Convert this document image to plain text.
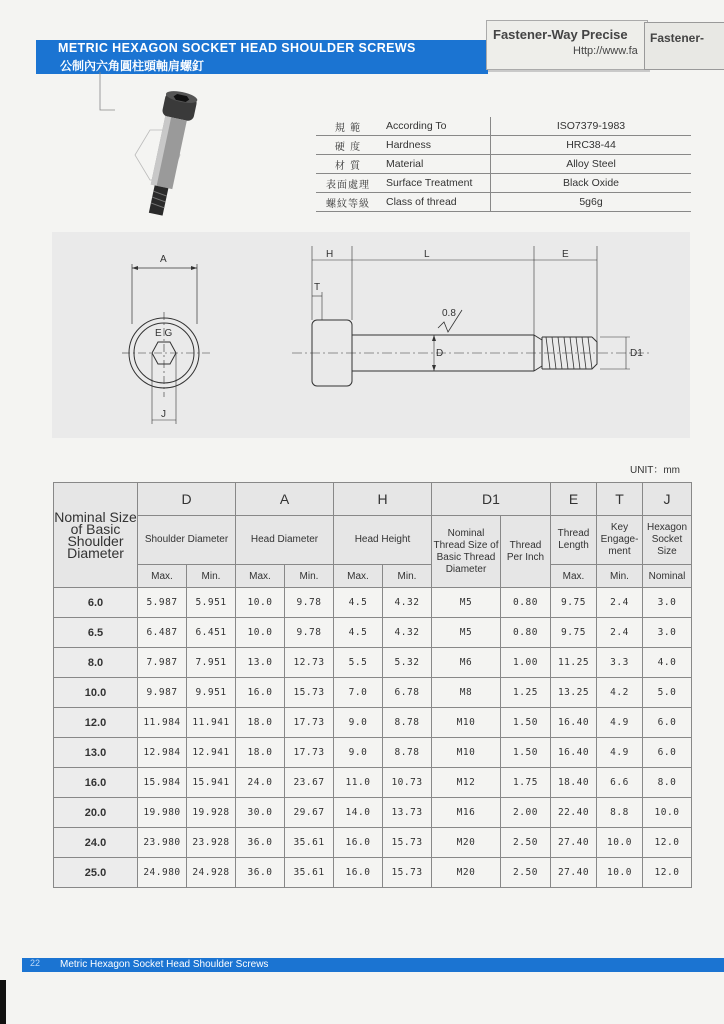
METRIC HEXAGON SOCKET HEAD SHOULDER SCREWS
公制內六角圓柱頭軸肩螺釘
Fastener-Way Precise
Http://www.fa
Fastener-
規 範	According To	ISO7379-1983
硬 度	Hardness	HRC38-44
材 質	Material	Alloy Steel
表面處理	Surface Treatment	Black Oxide
螺紋等級	Class of thread	5g6g
A
E G
J
H	L	E
T
0.8
D	D1
UNIT：mm
Nominal Size of Basic Shoulder Diameter	D		A		H		D1		E	T	J
	Shoulder Diameter		Head Diameter		Head Height		Nominal Thread Size of Basic Thread Diameter	Thread Per Inch	Thread Length	Key Engage- ment	Hexagon Socket Size
	Max.	Min.	Max.	Min.	Max.	Min.			Max.	Min.	Nominal
6.0	5.987	5.951	10.0	9.78	4.5	4.32	M5	0.80	9.75	2.4	3.0
6.5	6.487	6.451	10.0	9.78	4.5	4.32	M5	0.80	9.75	2.4	3.0
8.0	7.987	7.951	13.0	12.73	5.5	5.32	M6	1.00	11.25	3.3	4.0
10.0	9.987	9.951	16.0	15.73	7.0	6.78	M8	1.25	13.25	4.2	5.0
12.0	11.984	11.941	18.0	17.73	9.0	8.78	M10	1.50	16.40	4.9	6.0
13.0	12.984	12.941	18.0	17.73	9.0	8.78	M10	1.50	16.40	4.9	6.0
16.0	15.984	15.941	24.0	23.67	11.0	10.73	M12	1.75	18.40	6.6	8.0
20.0	19.980	19.928	30.0	29.67	14.0	13.73	M16	2.00	22.40	8.8	10.0
24.0	23.980	23.928	36.0	35.61	16.0	15.73	M20	2.50	27.40	10.0	12.0
25.0	24.980	24.928	36.0	35.61	16.0	15.73	M20	2.50	27.40	10.0	12.0
22 Metric Hexagon Socket Head Shoulder Screws
